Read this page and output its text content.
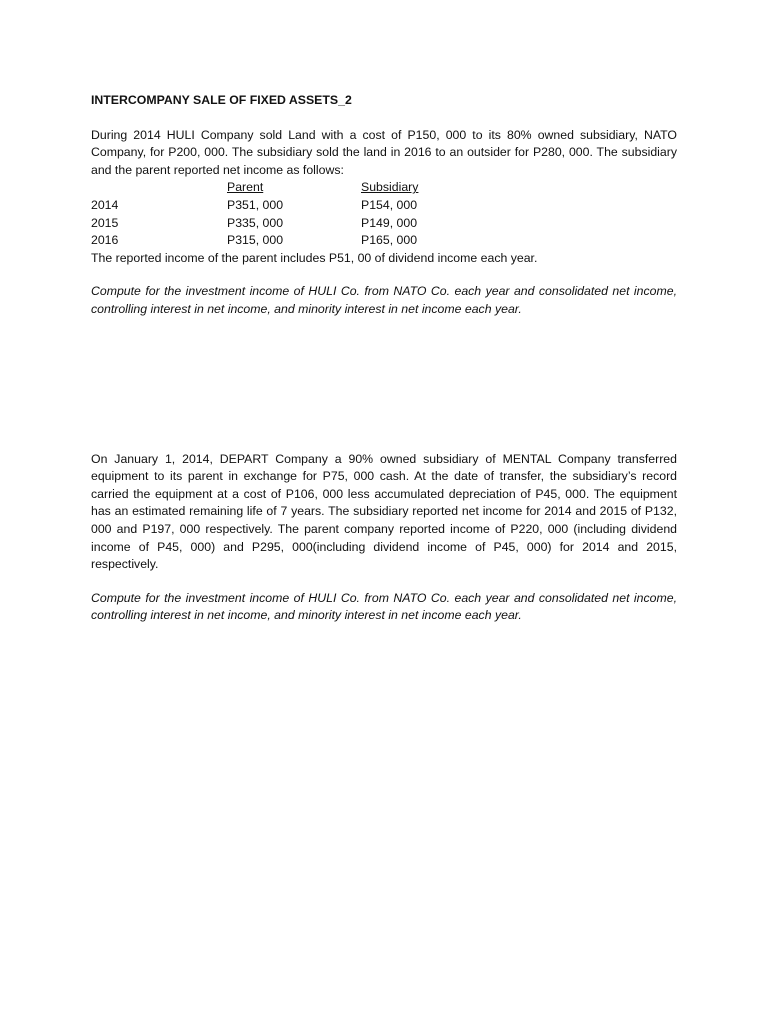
INTERCOMPANY SALE OF FIXED ASSETS_2

During 2014 HULI Company sold Land with a cost of P150, 000 to its 80% owned subsidiary, NATO Company, for P200, 000. The subsidiary sold the land in 2016 to an outsider for P280, 000. The subsidiary and the parent reported net income as follows:

	Parent	Subsidiary
2014	P351, 000	P154, 000
2015	P335, 000	P149, 000
2016	P315, 000	P165, 000

The reported income of the parent includes P51, 00 of dividend income each year.

Compute for the investment income of HULI Co. from NATO Co. each year and consolidated net income, controlling interest in net income, and minority interest in net income each year.

On January 1, 2014, DEPART Company a 90% owned subsidiary of MENTAL Company transferred equipment to its parent in exchange for P75, 000 cash. At the date of transfer, the subsidiary’s record carried the equipment at a cost of P106, 000 less accumulated depreciation of P45, 000. The equipment has an estimated remaining life of 7 years. The subsidiary reported net income for 2014 and 2015 of P132, 000 and P197, 000 respectively. The parent company reported income of P220, 000 (including dividend income of P45, 000) and P295, 000(including dividend income of P45, 000) for 2014 and 2015, respectively.

Compute for the investment income of HULI Co. from NATO Co. each year and consolidated net income, controlling interest in net income, and minority interest in net income each year.
